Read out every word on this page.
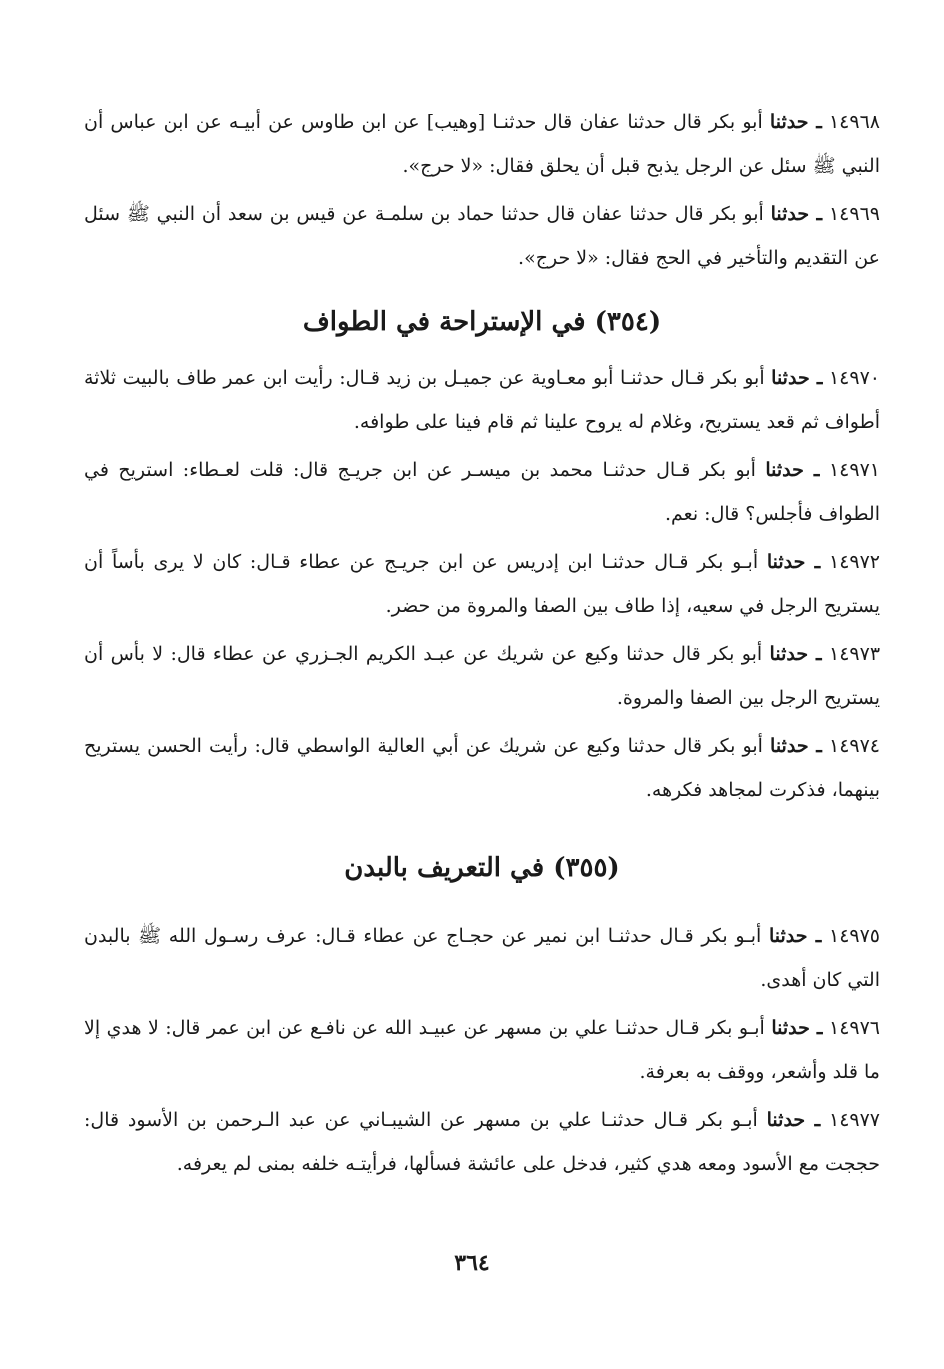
١٤٩٦٨ ـ حدثنا أبو بكر قال حدثنا عفان قال حدثنـا [وهيب] عن ابن طاوس عن أبيـه عن ابن عباس أن النبي ﷺ سئل عن الرجل يذبح قبل أن يحلق فقال: «لا حرج».

١٤٩٦٩ ـ حدثنا أبو بكر قال حدثنا عفان قال حدثنا حماد بن سلمـة عن قيس بن سعد أن النبي ﷺ سئل عن التقديم والتأخير في الحج فقال: «لا حرج».

(٣٥٤) في الإستراحة في الطواف

١٤٩٧٠ ـ حدثنا أبو بكر قـال حدثنـا أبو معـاوية عن جميـل بن زيد قـال: رأيت ابن عمر طاف بالبيت ثلاثة أطواف ثم قعد يستريح، وغلام له يروح علينا ثم قام فينا على طوافه.

١٤٩٧١ ـ حدثنا أبو بكر قـال حدثنـا محمد بن ميسـر عن ابن جريـج قال: قلت لعـطاء: استريح في الطواف فأجلس؟ قال: نعم.

١٤٩٧٢ ـ حدثنا أبـو بكر قـال حدثنـا ابن إدريس عن ابن جريـج عن عطاء قـال: كان لا يرى بأساً أن يستريح الرجل في سعيه، إذا طاف بين الصفا والمروة من حضر.

١٤٩٧٣ ـ حدثنا أبو بكر قال حدثنا وكيع عن شريك عن عبـد الكريم الجـزري عن عطاء قال: لا بأس أن يستريح الرجل بين الصفا والمروة.

١٤٩٧٤ ـ حدثنا أبو بكر قال حدثنا وكيع عن شريك عن أبي العالية الواسطي قال: رأيت الحسن يستريح بينهما، فذكرت لمجاهد فكرهه.

(٣٥٥) في التعريف بالبدن

١٤٩٧٥ ـ حدثنا أبـو بكر قـال حدثنـا ابن نمير عن حجـاج عن عطاء قـال: عرف رسـول الله ﷺ بالبدن التي كان أهدى.

١٤٩٧٦ ـ حدثنا أبـو بكر قـال حدثنـا علي بن مسهر عن عبيـد الله عن نافـع عن ابن عمر قال: لا هدي إلا ما قلد وأشعر، ووقف به بعرفة.

١٤٩٧٧ ـ حدثنا أبـو بكر قـال حدثنـا علي بن مسهر عن الشيبـاني عن عبد الـرحمن بن الأسود قال: حججت مع الأسود ومعه هدي كثير، فدخل على عائشة فسألها، فرأيتـه خلفه بمنى لم يعرفه.

٣٦٤
